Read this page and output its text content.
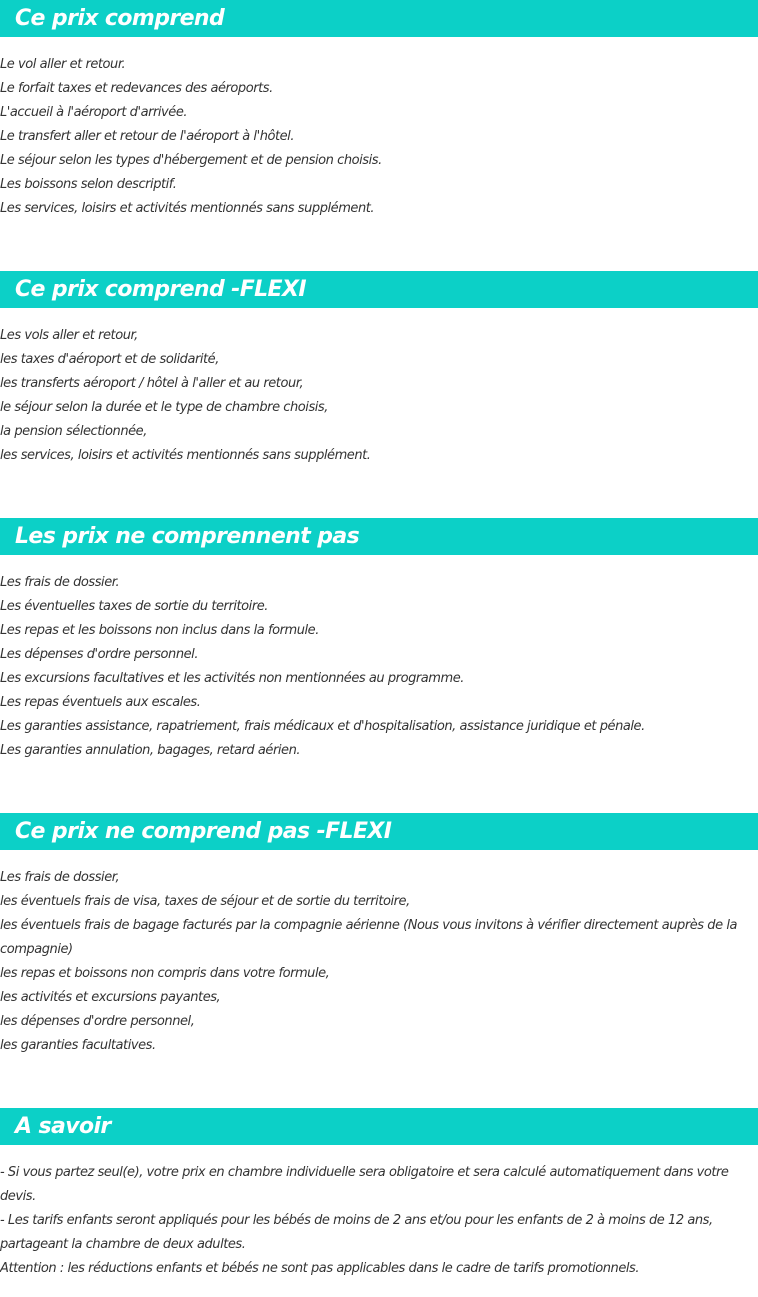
Ce prix comprend
Le vol aller et retour.
Le forfait taxes et redevances des aéroports.
L'accueil à l'aéroport d'arrivée.
Le transfert aller et retour de l'aéroport à l'hôtel.
Le séjour selon les types d'hébergement et de pension choisis.
Les boissons selon descriptif.
Les services, loisirs et activités mentionnés sans supplément.
Ce prix comprend -FLEXI
Les vols aller et retour,
les taxes d'aéroport et de solidarité,
les transferts aéroport / hôtel à l'aller et au retour,
le séjour selon la durée et le type de chambre choisis,
la pension sélectionnée,
les services, loisirs et activités mentionnés sans supplément.
Les prix ne comprennent pas
Les frais de dossier.
Les éventuelles taxes de sortie du territoire.
Les repas et les boissons non inclus dans la formule.
Les dépenses d'ordre personnel.
Les excursions facultatives et les activités non mentionnées au programme.
Les repas éventuels aux escales.
Les garanties assistance, rapatriement, frais médicaux et d'hospitalisation, assistance juridique et pénale.
Les garanties annulation, bagages, retard aérien.
Ce prix ne comprend pas -FLEXI
Les frais de dossier,
les éventuels frais de visa, taxes de séjour et de sortie du territoire,
les éventuels frais de bagage facturés par la compagnie aérienne (Nous vous invitons à vérifier directement auprès de la
compagnie)
les repas et boissons non compris dans votre formule,
les activités et excursions payantes,
les dépenses d'ordre personnel,
les garanties facultatives.
A savoir
- Si vous partez seul(e), votre prix en chambre individuelle sera obligatoire et sera calculé automatiquement dans votre
devis.
- Les tarifs enfants seront appliqués pour les bébés de moins de 2 ans et/ou pour les enfants de 2 à moins de 12 ans,
partageant la chambre de deux adultes.
Attention : les réductions enfants et bébés ne sont pas applicables dans le cadre de tarifs promotionnels.
